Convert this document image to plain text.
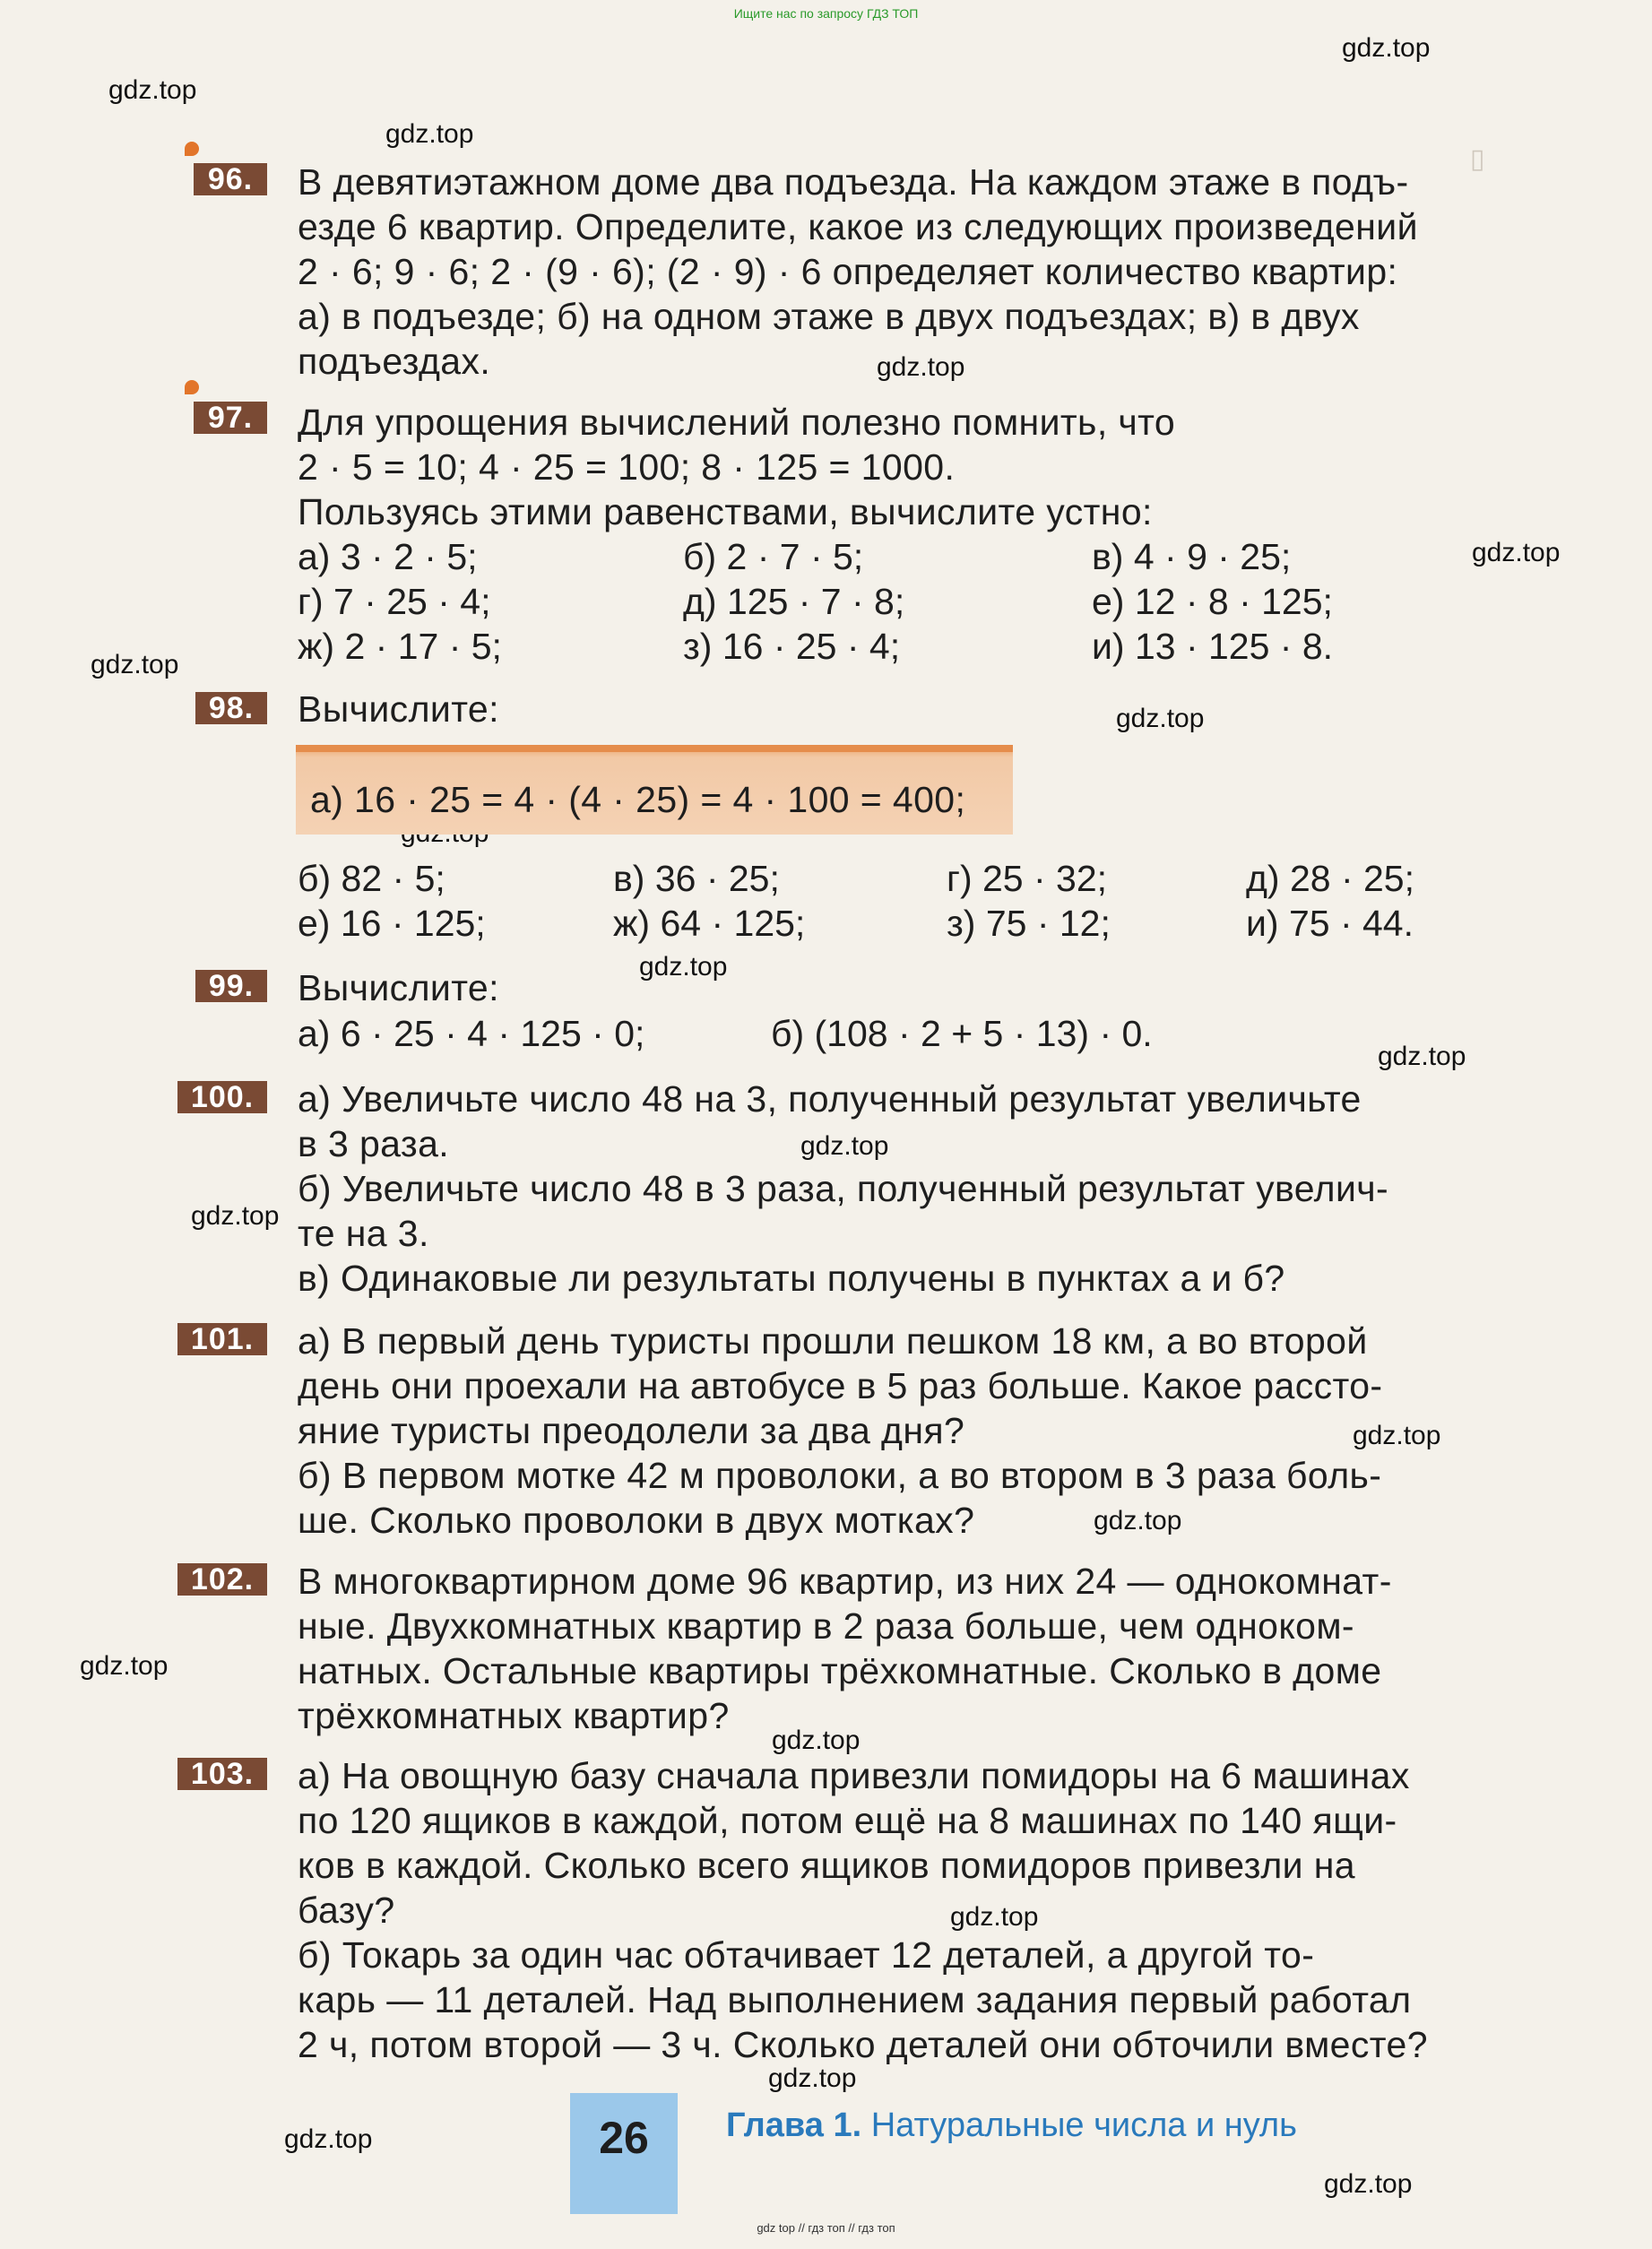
Ищите нас по запросу ГДЗ ТОП
▯
gdz.top
gdz.top
gdz.top
gdz.top
gdz.top
gdz.top
gdz.top
gdz.top
gdz.top
gdz.top
gdz.top
gdz.top
gdz.top
gdz.top
gdz.top
gdz.top
gdz.top
gdz.top
gdz.top
96.	В девятиэтажном доме два подъезда. На каждом этаже в подъ-
езде 6 квартир. Определите, какое из следующих произведений
2 · 6; 9 · 6; 2 · (9 · 6); (2 · 9) · 6 определяет количество квартир:
а) в подъезде; б) на одном этаже в двух подъездах; в) в двух
подъездах.
97.	Для упрощения вычислений полезно помнить, что
2 · 5 = 10; 4 · 25 = 100; 8 · 125 = 1000.
Пользуясь этими равенствами, вычислите устно:
а) 3 · 2 · 5;	б) 2 · 7 · 5;	в) 4 · 9 · 25;
г) 7 · 25 · 4;	д) 125 · 7 · 8;	е) 12 · 8 · 125;
ж) 2 · 17 · 5;	з) 16 · 25 · 4;	и) 13 · 125 · 8.
98.	Вычислите:
а) 16 · 25 = 4 · (4 · 25) = 4 · 100 = 400;
б) 82 · 5;	в) 36 · 25;	г) 25 · 32;	д) 28 · 25;
е) 16 · 125;	ж) 64 · 125;	з) 75 · 12;	и) 75 · 44.
99.	Вычислите:
а) 6 · 25 · 4 · 125 · 0;	б) (108 · 2 + 5 · 13) · 0.
100.	а) Увеличьте число 48 на 3, полученный результат увеличьте
в 3 раза.
б) Увеличьте число 48 в 3 раза, полученный результат увелич-
те на 3.
в) Одинаковые ли результаты получены в пунктах а и б?
101.	а) В первый день туристы прошли пешком 18 км, а во второй
день они проехали на автобусе в 5 раз больше. Какое рассто-
яние туристы преодолели за два дня?
б) В первом мотке 42 м проволоки, а во втором в 3 раза боль-
ше. Сколько проволоки в двух мотках?
102.	В многоквартирном доме 96 квартир, из них 24 — однокомнат-
ные. Двухкомнатных квартир в 2 раза больше, чем одноком-
натных. Остальные квартиры трёхкомнатные. Сколько в доме
трёхкомнатных квартир?
103.	а) На овощную базу сначала привезли помидоры на 6 машинах
по 120 ящиков в каждой, потом ещё на 8 машинах по 140 ящи-
ков в каждой. Сколько всего ящиков помидоров привезли на
базу?
б) Токарь за один час обтачивает 12 деталей, а другой то-
карь — 11 деталей. Над выполнением задания первый работал
2 ч, потом второй — 3 ч. Сколько деталей они обточили вместе?
26	Глава 1. Натуральные числа и нуль
gdz top // гдз топ // гдз топ
